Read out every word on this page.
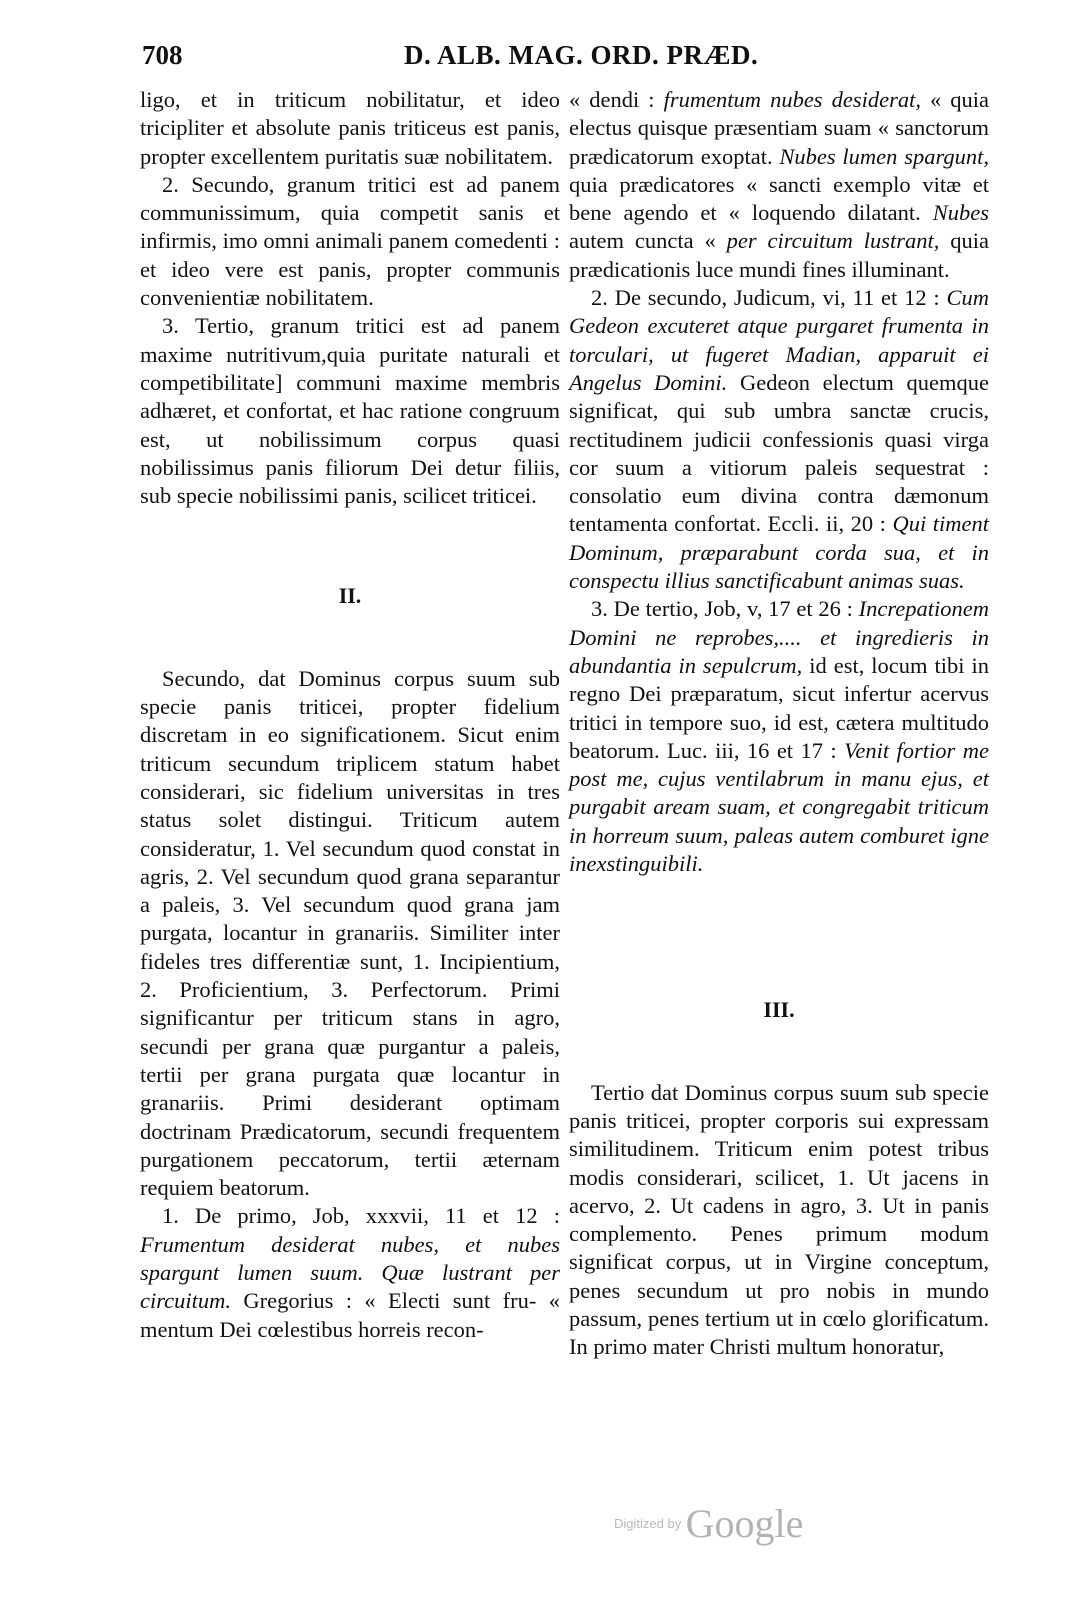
708	D. ALB. MAG. ORD. PRÆD.

ligo, et in triticum nobilitatur, et ideo tricipliter et absolute panis triticeus est panis, propter excellentem puritatis suæ nobilitatem.

2. Secundo, granum tritici est ad panem communissimum, quia competit sanis et infirmis, imo omni animali panem comedenti : et ideo vere est panis, propter communis convenientiæ nobilitatem.

3. Tertio, granum tritici est ad panem maxime nutritivum,quia puritate naturali et competibilitate] communi maxime membris adhæret, et confortat, et hac ratione congruum est, ut nobilissimum corpus quasi nobilissimus panis filiorum Dei detur filiis, sub specie nobilissimi panis, scilicet triticei.

II.

Secundo, dat Dominus corpus suum sub specie panis triticei, propter fidelium discretam in eo significationem. Sicut enim triticum secundum triplicem statum habet considerari, sic fidelium universitas in tres status solet distingui. Triticum autem consideratur, 1. Vel secundum quod constat in agris, 2. Vel secundum quod grana separantur a paleis, 3. Vel secundum quod grana jam purgata, locantur in granariis. Similiter inter fideles tres differentiæ sunt, 1. Incipientium, 2. Proficientium, 3. Perfectorum. Primi significantur per triticum stans in agro, secundi per grana quæ purgantur a paleis, tertii per grana purgata quæ locantur in granariis. Primi desiderant optimam doctrinam Prædicatorum, secundi frequentem purgationem peccatorum, tertii æternam requiem beatorum.

1. De primo, Job, xxxvii, 11 et 12 : Frumentum desiderat nubes, et nubes spargunt lumen suum. Quæ lustrant per circuitum. Gregorius : « Electi sunt fru- « mentum Dei cœlestibus horreis recon-

« dendi : frumentum nubes desiderat, « quia electus quisque præsentiam suam « sanctorum prædicatorum exoptat. Nubes lumen spargunt, quia prædicatores « sancti exemplo vitæ et bene agendo et « loquendo dilatant. Nubes autem cuncta « per circuitum lustrant, quia prædicationis luce mundi fines illuminant.

2. De secundo, Judicum, vi, 11 et 12 : Cum Gedeon excuteret atque purgaret frumenta in torculari, ut fugeret Madian, apparuit ei Angelus Domini. Gedeon electum quemque significat, qui sub umbra sanctæ crucis, rectitudinem judicii confessionis quasi virga cor suum a vitiorum paleis sequestrat : consolatio eum divina contra dæmonum tentamenta confortat. Eccli. ii, 20 : Qui timent Dominum, præparabunt corda sua, et in conspectu illius sanctificabunt animas suas.

3. De tertio, Job, v, 17 et 26 : Increpationem Domini ne reprobes,.... et ingredieris in abundantia in sepulcrum, id est, locum tibi in regno Dei præparatum, sicut infertur acervus tritici in tempore suo, id est, cætera multitudo beatorum. Luc. iii, 16 et 17 : Venit fortior me post me, cujus ventilabrum in manu ejus, et purgabit aream suam, et congregabit triticum in horreum suum, paleas autem comburet igne inexstinguibili.

III.

Tertio dat Dominus corpus suum sub specie panis triticei, propter corporis sui expressam similitudinem. Triticum enim potest tribus modis considerari, scilicet, 1. Ut jacens in acervo, 2. Ut cadens in agro, 3. Ut in panis complemento. Penes primum modum significat corpus, ut in Virgine conceptum, penes secundum ut pro nobis in mundo passum, penes tertium ut in cœlo glorificatum. In primo mater Christi multum honoratur,

Digitized by Google
